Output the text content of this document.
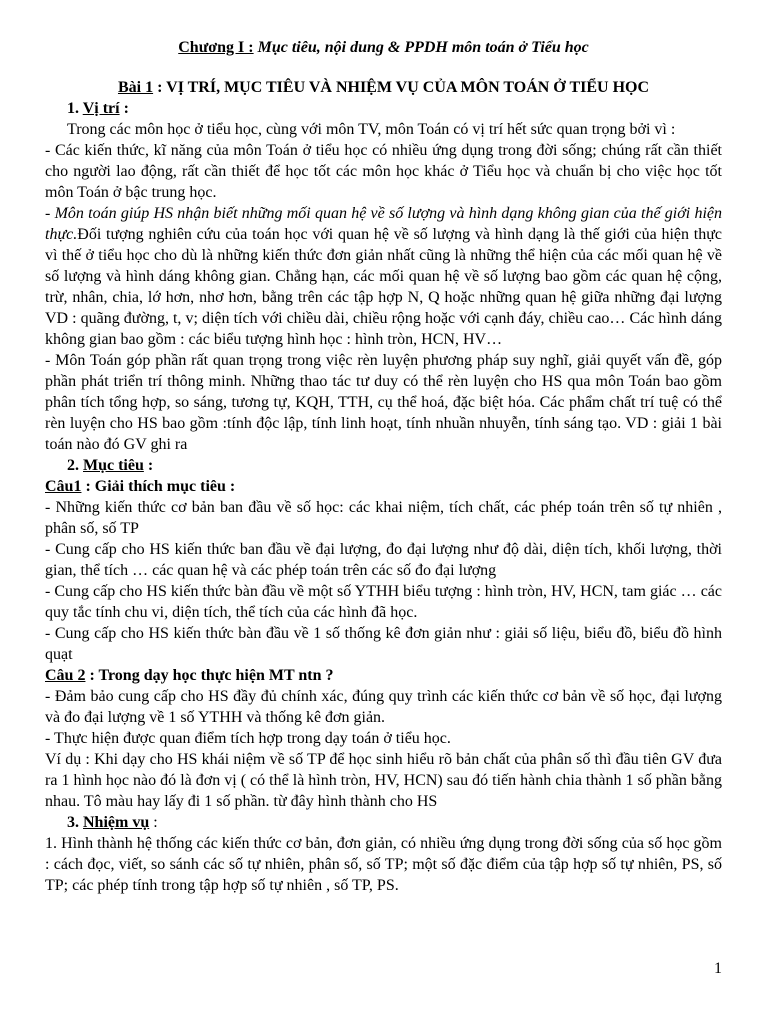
Chương I : Mục tiêu, nội dung & PPDH môn toán ở Tiểu học
Bài 1 : VỊ TRÍ, MỤC TIÊU VÀ NHIỆM VỤ CỦA MÔN TOÁN Ở TIỂU HỌC

1. Vị trí :

Trong các môn học ở tiểu học, cùng với môn TV, môn Toán có vị trí hết sức quan trọng bởi vì :

- Các kiến thức, kĩ năng của môn Toán ở tiểu học có nhiều ứng dụng trong đời sống; chúng rất cần thiết cho người lao động, rất cần thiết để học tốt các môn học khác ở Tiểu học và chuẩn bị cho việc học tốt môn Toán ở bậc trung học.

- Môn toán giúp HS nhận biết những mối quan hệ về số lượng và hình dạng không gian của thế giới hiện thực.Đối tượng nghiên cứu của toán học với quan hệ về số lượng và hình dạng là thế giới của hiện thực vì thế ở tiểu học cho dù là những kiến thức đơn giản nhất cũng là những thể hiện của các mối quan hệ về số lượng và hình dáng không gian. Chẳng hạn, các mối quan hệ về số lượng bao gồm các quan hệ cộng, trừ, nhân, chia, lớ hơn, nhơ hơn, bằng trên các tập hợp N, Q hoặc những quan hệ giữa những đại lượng VD : quãng đường, t, v; diện tích với chiều dài, chiều rộng hoặc với cạnh đáy, chiều cao… Các hình dáng không gian bao gồm : các biểu tượng hình học : hình tròn, HCN, HV…

- Môn Toán góp phần rất quan trọng trong việc rèn luyện phương pháp suy nghĩ, giải quyết vấn đề, góp phần phát triển trí thông minh. Những thao tác tư duy có thể rèn luyện cho HS qua môn Toán bao gồm phân tích tổng hợp, so sáng, tương tự, KQH, TTH, cụ thể hoá, đặc biệt hóa. Các phẩm chất trí tuệ có thể rèn luyện cho HS bao gồm :tính độc lập, tính linh hoạt, tính nhuần nhuyễn, tính sáng tạo. VD : giải 1 bài toán nào đó GV ghi ra

2. Mục tiêu :

Câu1 : Giải thích mục tiêu :

- Những kiến thức cơ bản ban đầu về số học: các khai niệm, tích chất, các phép toán trên số tự nhiên , phân số, số TP

- Cung cấp cho HS kiến thức ban đầu về đại lượng, đo đại lượng như độ dài, diện tích, khối lượng, thời gian, thể tích … các quan hệ và các phép toán trên các số đo đại lượng

- Cung cấp cho HS kiến thức bàn đầu về một số YTHH biểu tượng : hình tròn, HV, HCN, tam giác … các quy tắc tính chu vi, diện tích, thể tích của các hình đã học.

- Cung cấp cho HS kiến thức bàn đầu về 1 số thống kê đơn giản như : giải số liệu, biểu đồ, biểu đồ hình quạt

Câu 2 : Trong dạy học thực hiện MT ntn ?

- Đảm bảo cung cấp cho HS đầy đủ chính xác, đúng quy trình các kiến thức cơ bản về số học, đại lượng và đo đại lượng về 1 số YTHH và thống kê đơn giản.

- Thực hiện được quan điểm tích hợp trong dạy toán ở tiểu học.

Ví dụ : Khi dạy cho HS khái niệm về số TP để học sinh hiểu rõ bản chất của phân số thì đầu tiên GV đưa ra 1 hình học nào đó là đơn vị ( có thể là hình tròn, HV, HCN) sau đó tiến hành chia thành 1 số phần bằng nhau. Tô màu hay lấy đi 1 số phần. từ đây hình thành cho HS

3. Nhiệm vụ :

1. Hình thành hệ thống các kiến thức cơ bản, đơn giản, có nhiều ứng dụng trong đời sống của số học gồm : cách đọc, viết, so sánh các số tự nhiên, phân số, số TP; một số đặc điểm của tập hợp số tự nhiên, PS, số TP; các phép tính trong tập hợp số tự nhiên , số TP, PS.

1
